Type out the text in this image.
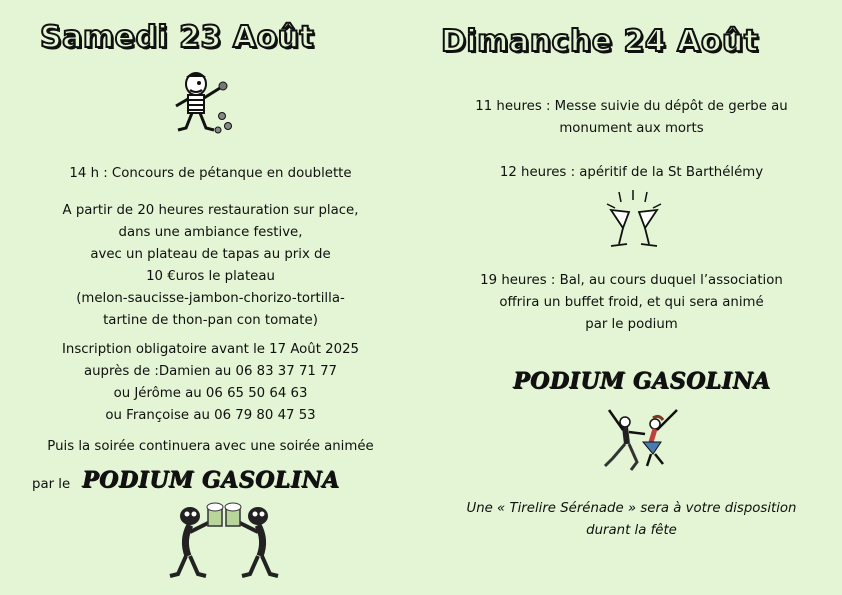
Samedi 23 Août

14 h : Concours de pétanque en doublette

A partir de 20 heures restauration sur place,

dans une ambiance festive,

avec un plateau de tapas au prix de

10 €uros le plateau

(melon-saucisse-jambon-chorizo-tortilla-

tartine de thon-pan con tomate)

Inscription obligatoire avant le 17 Août 2025

auprès de :Damien au 06 83 37 71 77

ou Jérôme au 06 65 50 64 63

ou Françoise au 06 79 80 47 53

Puis la soirée continuera avec une soirée animée

par le PODIUM GASOLINA

Dimanche 24 Août

11 heures : Messe suivie du dépôt de gerbe au

monument aux morts

12 heures : apéritif de la St Barthélémy

19 heures : Bal, au cours duquel l’association

offrira un buffet froid, et qui sera animé

par le podium

PODIUM GASOLINA

Une « Tirelire Sérénade » sera à votre disposition

durant la fête
